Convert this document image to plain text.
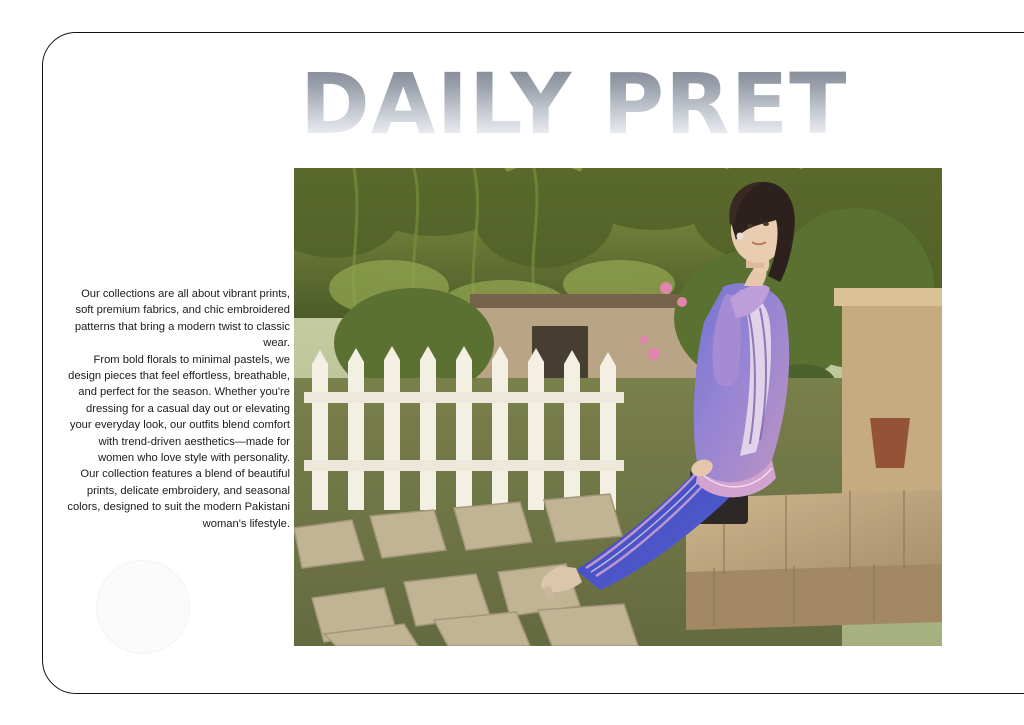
DAILY PRET

Our collections are all about vibrant prints, soft premium fabrics, and chic embroidered patterns that bring a modern twist to classic wear.

From bold florals to minimal pastels, we design pieces that feel effortless, breathable, and perfect for the season. Whether you're dressing for a casual day out or elevating your everyday look, our outfits blend comfort with trend-driven aesthetics—made for women who love style with personality.

Our collection features a blend of beautiful prints, delicate embroidery, and seasonal colors, designed to suit the modern Pakistani woman's lifestyle.
